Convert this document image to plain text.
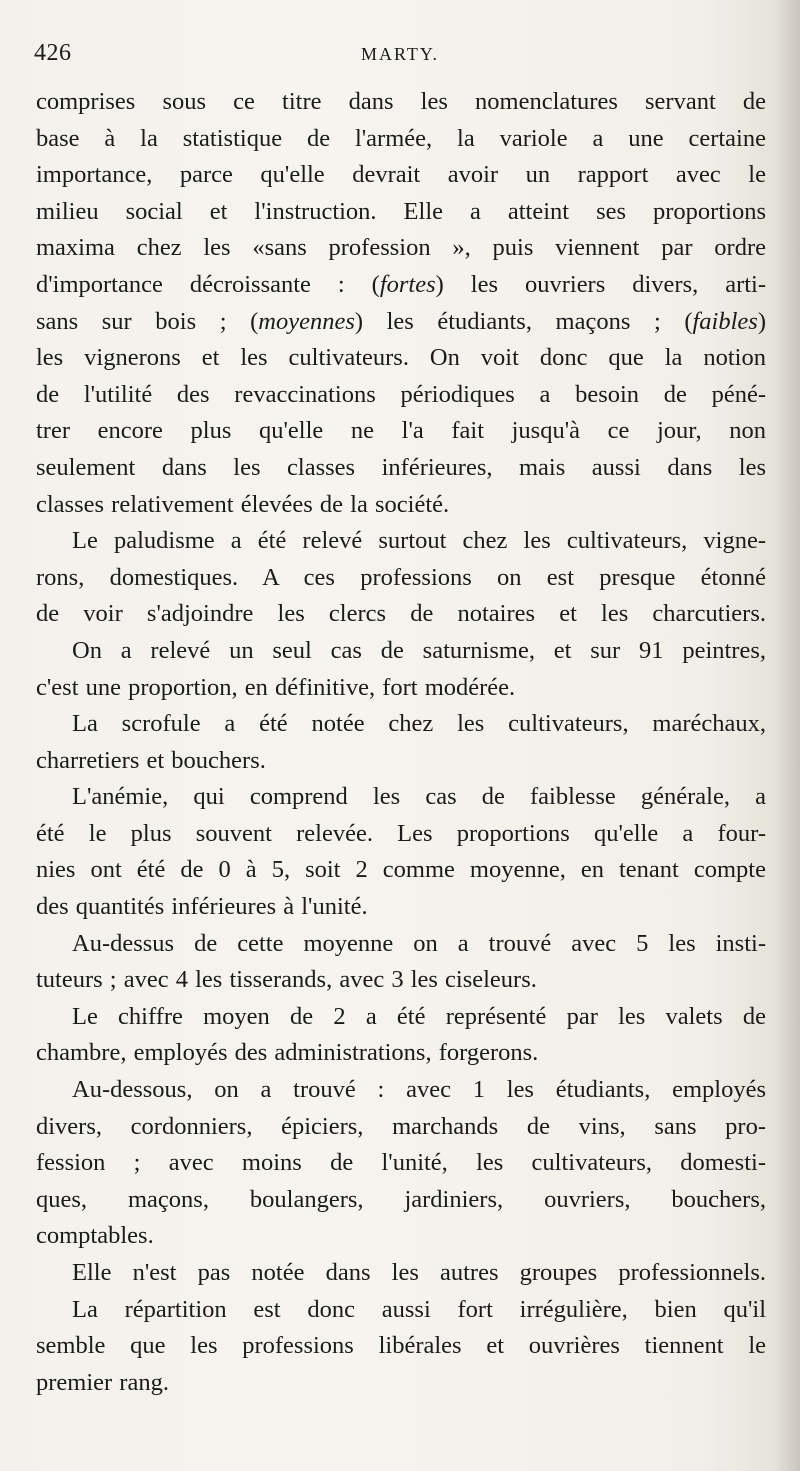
426	MARTY.
comprises sous ce titre dans les nomenclatures servant de
base à la statistique de l'armée, la variole a une certaine
importance, parce qu'elle devrait avoir un rapport avec le
milieu social et l'instruction. Elle a atteint ses proportions
maxima chez les «sans profession », puis viennent par ordre
d'importance décroissante : (fortes) les ouvriers divers, arti-
sans sur bois ; (moyennes) les étudiants, maçons ; (faibles)
les vignerons et les cultivateurs. On voit donc que la notion
de l'utilité des revaccinations périodiques a besoin de péné-
trer encore plus qu'elle ne l'a fait jusqu'à ce jour, non
seulement dans les classes inférieures, mais aussi dans les
classes relativement élevées de la société.
Le paludisme a été relevé surtout chez les cultivateurs, vigne-
rons, domestiques. A ces professions on est presque étonné
de voir s'adjoindre les clercs de notaires et les charcutiers.
On a relevé un seul cas de saturnisme, et sur 91 peintres,
c'est une proportion, en définitive, fort modérée.
La scrofule a été notée chez les cultivateurs, maréchaux,
charretiers et bouchers.
L'anémie, qui comprend les cas de faiblesse générale, a
été le plus souvent relevée. Les proportions qu'elle a four-
nies ont été de 0 à 5, soit 2 comme moyenne, en tenant compte
des quantités inférieures à l'unité.
Au-dessus de cette moyenne on a trouvé avec 5 les insti-
tuteurs ; avec 4 les tisserands, avec 3 les ciseleurs.
Le chiffre moyen de 2 a été représenté par les valets de
chambre, employés des administrations, forgerons.
Au-dessous, on a trouvé : avec 1 les étudiants, employés
divers, cordonniers, épiciers, marchands de vins, sans pro-
fession ; avec moins de l'unité, les cultivateurs, domesti-
ques, maçons, boulangers, jardiniers, ouvriers, bouchers,
comptables.
Elle n'est pas notée dans les autres groupes professionnels.
La répartition est donc aussi fort irrégulière, bien qu'il
semble que les professions libérales et ouvrières tiennent le
premier rang.
